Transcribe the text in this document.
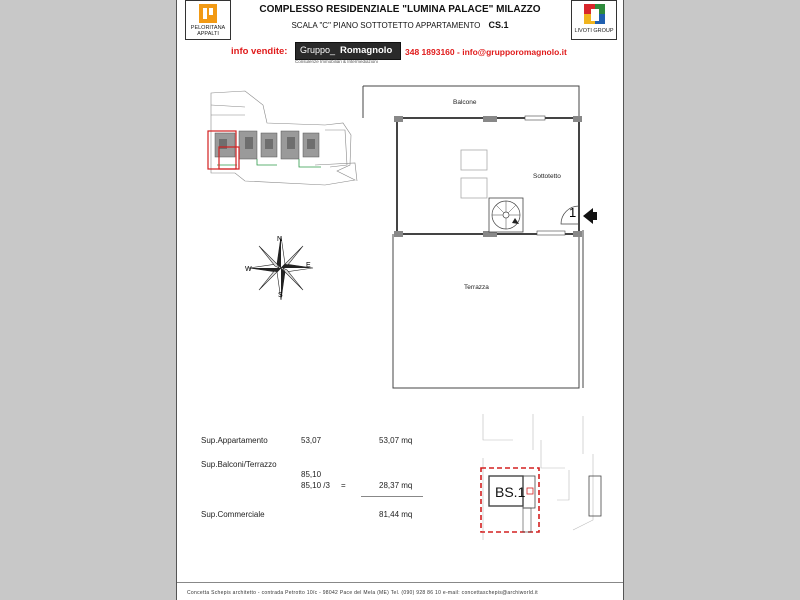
PELORITANA
APPALTI
COMPLESSO RESIDENZIALE "LUMINA PALACE" MILAZZO
SCALA "C" PIANO SOTTOTETTO APPARTAMENTO CS.1
LIVOTI GROUP
info vendite: Gruppo_ Romagnolo
Consulenze Immobiliari & Intermediazioni
348 1893160 - info@grupporomagnolo.it
N
S
W
E
Balcone
Sottotetto
Terrazza
1
Sup.Appartamento	53,07	53,07 mq
Sup.Balconi/Terrazzo
85,10
85,10 /3 =	28,37 mq
Sup.Commerciale	81,44 mq
BS.1
Concetta Schepis architetto - contrada Petrotto 10/c - 98042 Pace del Mela (ME) Tel. (090) 928 86 10 e-mail: concettaschepis@archiworld.it
